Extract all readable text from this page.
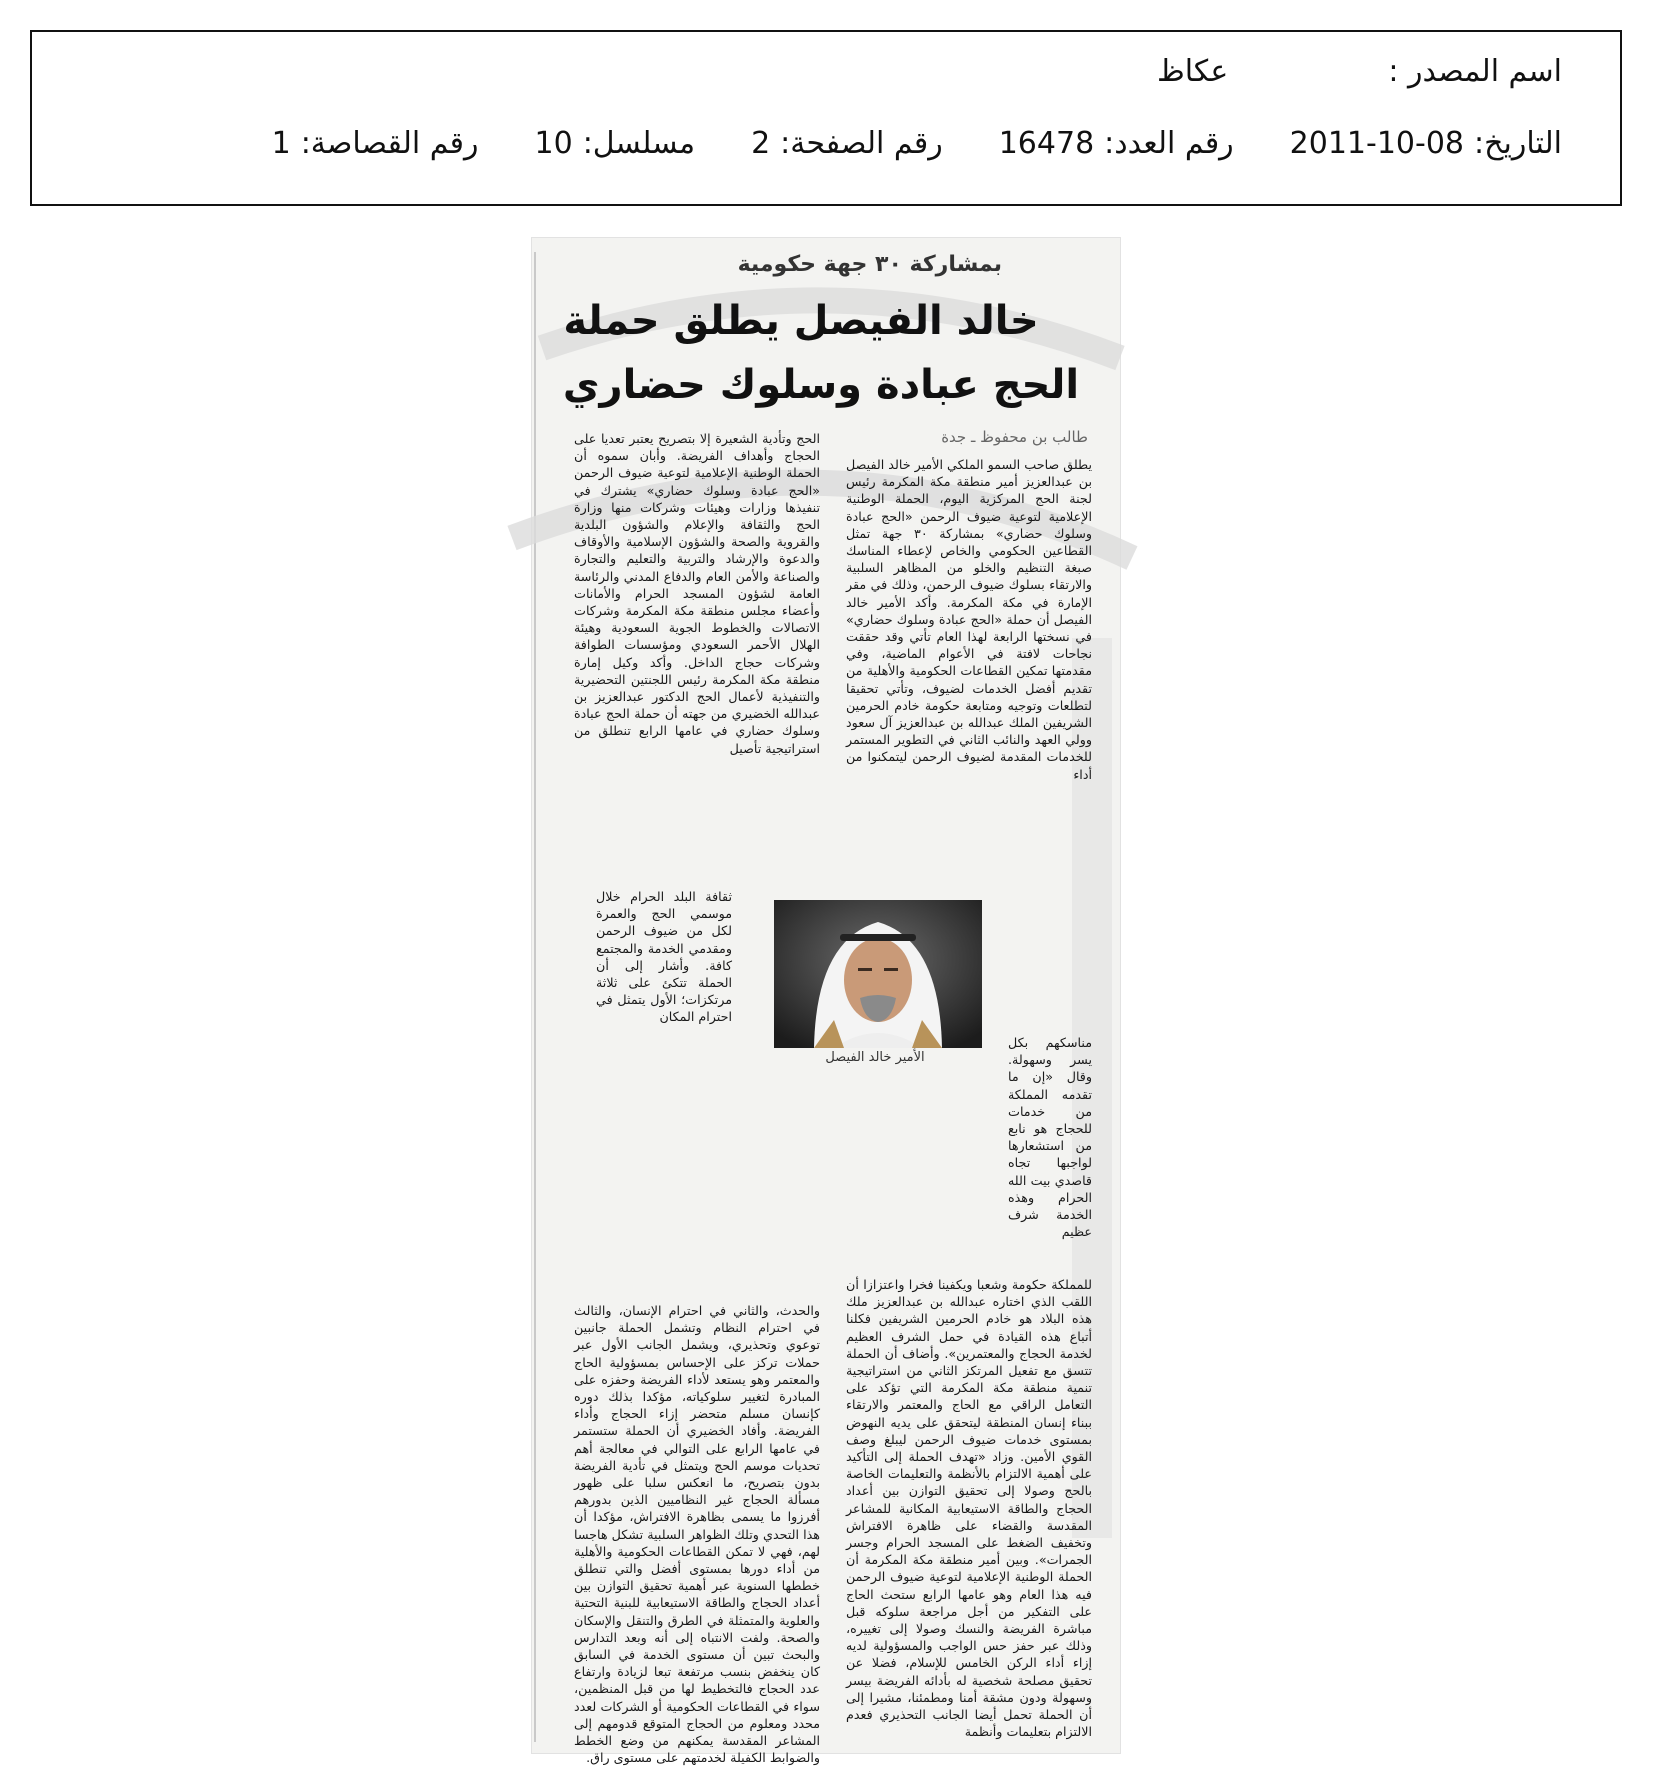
اسم المصدر :
عكاظ
التاريخ:
2011-10-08
رقم العدد:
16478
رقم الصفحة:
2
مسلسل:
10
رقم القصاصة:
1
بمشاركة ٣٠ جهة حكومية
خالد الفيصل يطلق حملة
الحج عبادة وسلوك حضاري
طالب بن محفوظ ـ جدة

يطلق صاحب السمو الملكي الأمير خالد الفيصل بن عبدالعزيز أمير منطقة مكة المكرمة رئيس لجنة الحج المركزية اليوم، الحملة الوطنية الإعلامية لتوعية ضيوف الرحمن «الحج عبادة وسلوك حضاري» بمشاركة ٣٠ جهة تمثل القطاعين الحكومي والخاص لإعطاء المناسك صبغة التنظيم والخلو من المظاهر السلبية والارتقاء بسلوك ضيوف الرحمن، وذلك في مقر الإمارة في مكة المكرمة. وأكد الأمير خالد الفيصل أن حملة «الحج عبادة وسلوك حضاري» في نسختها الرابعة لهذا العام تأتي وقد حققت نجاحات لافتة في الأعوام الماضية، وفي مقدمتها تمكين القطاعات الحكومية والأهلية من تقديم أفضل الخدمات لضيوف، وتأتي تحقيقا لتطلعات وتوجيه ومتابعة حكومة خادم الحرمين الشريفين الملك عبدالله بن عبدالعزيز آل سعود وولي العهد والنائب الثاني في التطوير المستمر للخدمات المقدمة لضيوف الرحمن ليتمكنوا من أداء

الحج وتأدية الشعيرة إلا بتصريح يعتبر تعديا على الحجاج وأهداف الفريضة. وأبان سموه أن الحملة الوطنية الإعلامية لتوعية ضيوف الرحمن «الحج عبادة وسلوك حضاري» يشترك في تنفيذها وزارات وهيئات وشركات منها وزارة الحج والثقافة والإعلام والشؤون البلدية والقروية والصحة والشؤون الإسلامية والأوقاف والدعوة والإرشاد والتربية والتعليم والتجارة والصناعة والأمن العام والدفاع المدني والرئاسة العامة لشؤون المسجد الحرام والأمانات وأعضاء مجلس منطقة مكة المكرمة وشركات الاتصالات والخطوط الجوية السعودية وهيئة الهلال الأحمر السعودي ومؤسسات الطوافة وشركات حجاج الداخل. وأكد وكيل إمارة منطقة مكة المكرمة رئيس اللجنتين التحضيرية والتنفيذية لأعمال الحج الدكتور عبدالعزيز بن عبدالله الخضيري من جهته أن حملة الحج عبادة وسلوك حضاري في عامها الرابع تنطلق من استراتيجية تأصيل

مناسكهم بكل يسر وسهولة. وقال «إن ما تقدمه المملكة من خدمات للحجاج هو نابع من استشعارها لواجبها تجاه قاصدي بيت الله الحرام وهذه الخدمة شرف عظيم

ثقافة البلد الحرام خلال موسمي الحج والعمرة لكل من ضيوف الرحمن ومقدمي الخدمة والمجتمع كافة. وأشار إلى أن الحملة تتكئ على ثلاثة مرتكزات؛ الأول يتمثل في احترام المكان

للمملكة حكومة وشعبا ويكفينا فخرا واعتزازا أن اللقب الذي اختاره عبدالله بن عبدالعزيز ملك هذه البلاد هو خادم الحرمين الشريفين فكلنا أتباع هذه القيادة في حمل الشرف العظيم لخدمة الحجاج والمعتمرين». وأضاف أن الحملة تتسق مع تفعيل المرتكز الثاني من استراتيجية تنمية منطقة مكة المكرمة التي تؤكد على التعامل الراقي مع الحاج والمعتمر والارتقاء ببناء إنسان المنطقة ليتحقق على يديه النهوض بمستوى خدمات ضيوف الرحمن ليبلغ وصف القوي الأمين. وزاد «تهدف الحملة إلى التأكيد على أهمية الالتزام بالأنظمة والتعليمات الخاصة بالحج وصولا إلى تحقيق التوازن بين أعداد الحجاج والطاقة الاستيعابية المكانية للمشاعر المقدسة والقضاء على ظاهرة الافتراش وتخفيف الضغط على المسجد الحرام وجسر الجمرات». وبين أمير منطقة مكة المكرمة أن الحملة الوطنية الإعلامية لتوعية ضيوف الرحمن فيه هذا العام وهو عامها الرابع ستحث الحاج على التفكير من أجل مراجعة سلوكه قبل مباشرة الفريضة والنسك وصولا إلى تغييره، وذلك عبر حفز حس الواجب والمسؤولية لديه إزاء أداء الركن الخامس للإسلام، فضلا عن تحقيق مصلحة شخصية له بأدائه الفريضة بيسر وسهولة ودون مشقة أمنا ومطمئنا، مشيرا إلى أن الحملة تحمل أيضا الجانب التحذيري فعدم الالتزام بتعليمات وأنظمة

والحدث، والثاني في احترام الإنسان، والثالث في احترام النظام وتشمل الحملة جانبين توعوي وتحذيري، ويشمل الجانب الأول عبر حملات تركز على الإحساس بمسؤولية الحاج والمعتمر وهو يستعد لأداء الفريضة وحفزه على المبادرة لتغيير سلوكياته، مؤكدا بذلك دوره كإنسان مسلم متحضر إزاء الحجاج وأداء الفريضة. وأفاد الخضيري أن الحملة ستستمر في عامها الرابع على التوالي في معالجة أهم تحديات موسم الحج ويتمثل في تأدية الفريضة بدون بتصريح، ما انعكس سلبا على ظهور مسألة الحجاج غير النظاميين الذين بدورهم أفرزوا ما يسمى بظاهرة الافتراش، مؤكدا أن هذا التحدي وتلك الظواهر السلبية تشكل هاجسا لهم، فهي لا تمكن القطاعات الحكومية والأهلية من أداء دورها بمستوى أفضل والتي تنطلق خططها السنوية عبر أهمية تحقيق التوازن بين أعداد الحجاج والطاقة الاستيعابية للبنية التحتية والعلوية والمتمثلة في الطرق والتنقل والإسكان والصحة. ولفت الانتباه إلى أنه وبعد التدارس والبحث تبين أن مستوى الخدمة في السابق كان ينخفض بنسب مرتفعة تبعا لزيادة وارتفاع عدد الحجاج فالتخطيط لها من قبل المنظمين، سواء في القطاعات الحكومية أو الشركات لعدد محدد ومعلوم من الحجاج المتوقع قدومهم إلى المشاعر المقدسة يمكنهم من وضع الخطط والضوابط الكفيلة لخدمتهم على مستوى راق.

الأمير خالد الفيصل
